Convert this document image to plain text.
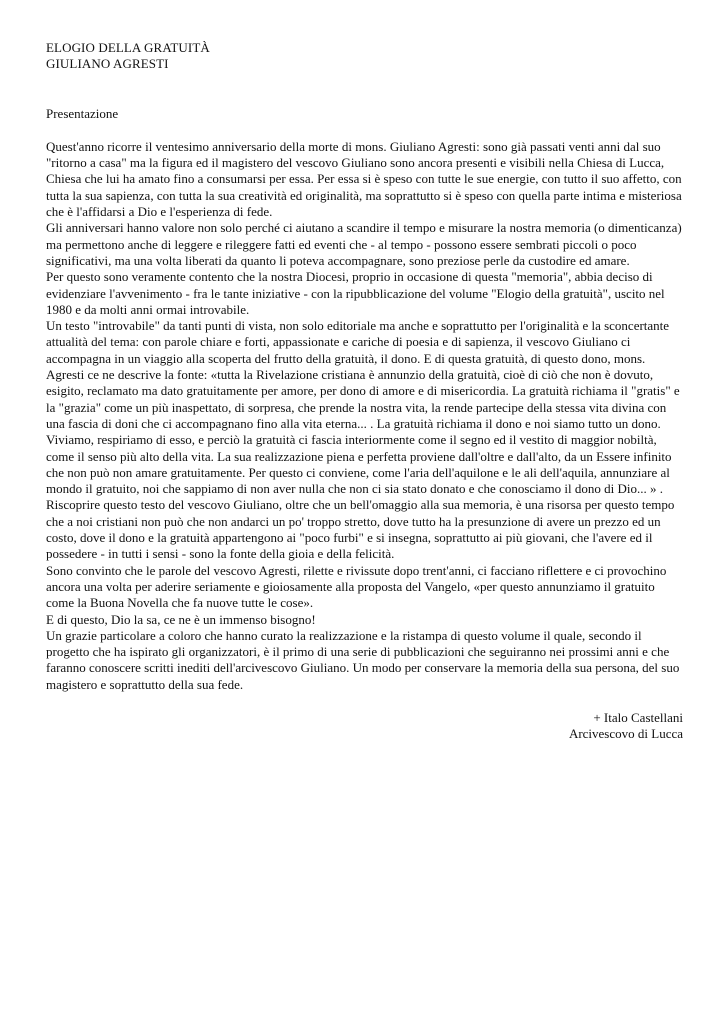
ELOGIO DELLA GRATUITÀ
GIULIANO AGRESTI
Presentazione

Quest'anno ricorre il ventesimo anniversario della morte di mons. Giuliano Agresti: sono già passati venti anni dal suo "ritorno a casa" ma la figura ed il magistero del vescovo Giuliano sono ancora presenti e visibili nella Chiesa di Lucca, Chiesa che lui ha amato fino a consumarsi per essa. Per essa si è speso con tutte le sue energie, con tutto il suo affetto, con tutta la sua sapienza, con tutta la sua creatività ed originalità, ma soprattutto si è speso con quella parte intima e misteriosa che è l'affidarsi a Dio e l'esperienza di fede.

Gli anniversari hanno valore non solo perché ci aiutano a scandire il tempo e misurare la nostra memoria (o dimenticanza) ma permettono anche di leggere e rileggere fatti ed eventi che - al tempo - possono essere sembrati piccoli o poco significativi, ma una volta liberati da quanto li poteva accompagnare, sono preziose perle da custodire ed amare.

Per questo sono veramente contento che la nostra Diocesi, proprio in occasione di questa "memoria", abbia deciso di evidenziare l'avvenimento - fra le tante iniziative - con la ripubblicazione del volume "Elogio della gratuità", uscito nel 1980 e da molti anni ormai introvabile.

Un testo "introvabile" da tanti punti di vista, non solo editoriale ma anche e soprattutto per l'originalità e la sconcertante attualità del tema: con parole chiare e forti, appassionate e cariche di poesia e di sapienza, il vescovo Giuliano ci accompagna in un viaggio alla scoperta del frutto della gratuità, il dono. E di questa gratuità, di questo dono, mons. Agresti ce ne descrive la fonte: «tutta la Rivelazione cristiana è annunzio della gratuità, cioè di ciò che non è dovuto, esigito, reclamato ma dato gratuitamente per amore, per dono di amore e di misericordia. La gratuità richiama il "gratis" e la "grazia" come un più inaspettato, di sorpresa, che prende la nostra vita, la rende partecipe della stessa vita divina con una fascia di doni che ci accompagnano fino alla vita eterna... . La gratuità richiama il dono e noi siamo tutto un dono. Viviamo, respiriamo di esso, e perciò la gratuità ci fascia interiormente come il segno ed il vestito di maggior nobiltà, come il senso più alto della vita. La sua realizzazione piena e perfetta proviene dall'oltre e dall'alto, da un Essere infinito che non può non amare gratuitamente. Per questo ci conviene, come l'aria dell'aquilone e le ali dell'aquila, annunziare al mondo il gratuito, noi che sappiamo di non aver nulla che non ci sia stato donato e che conosciamo il dono di Dio... » .

Riscoprire questo testo del vescovo Giuliano, oltre che un bell'omaggio alla sua memoria, è una risorsa per questo tempo che a noi cristiani non può che non andarci un po' troppo stretto, dove tutto ha la presunzione di avere un prezzo ed un costo, dove il dono e la gratuità appartengono ai "poco furbi" e si insegna, soprattutto ai più giovani, che l'avere ed il possedere - in tutti i sensi - sono la fonte della gioia e della felicità.

Sono convinto che le parole del vescovo Agresti, rilette e rivissute dopo trent'anni, ci facciano riflettere e ci provochino ancora una volta per aderire seriamente e gioiosamente alla proposta del Vangelo, «per questo annunziamo il gratuito come la Buona Novella che fa nuove tutte le cose».

E di questo, Dio la sa, ce ne è un immenso bisogno!

Un grazie particolare a coloro che hanno curato la realizzazione e la ristampa di questo volume il quale, secondo il progetto che ha ispirato gli organizzatori, è il primo di una serie di pubblicazioni che seguiranno nei prossimi anni e che faranno conoscere scritti inediti dell'arcivescovo Giuliano. Un modo per conservare la memoria della sua persona, del suo magistero e soprattutto della sua fede.

+ Italo Castellani
Arcivescovo di Lucca
